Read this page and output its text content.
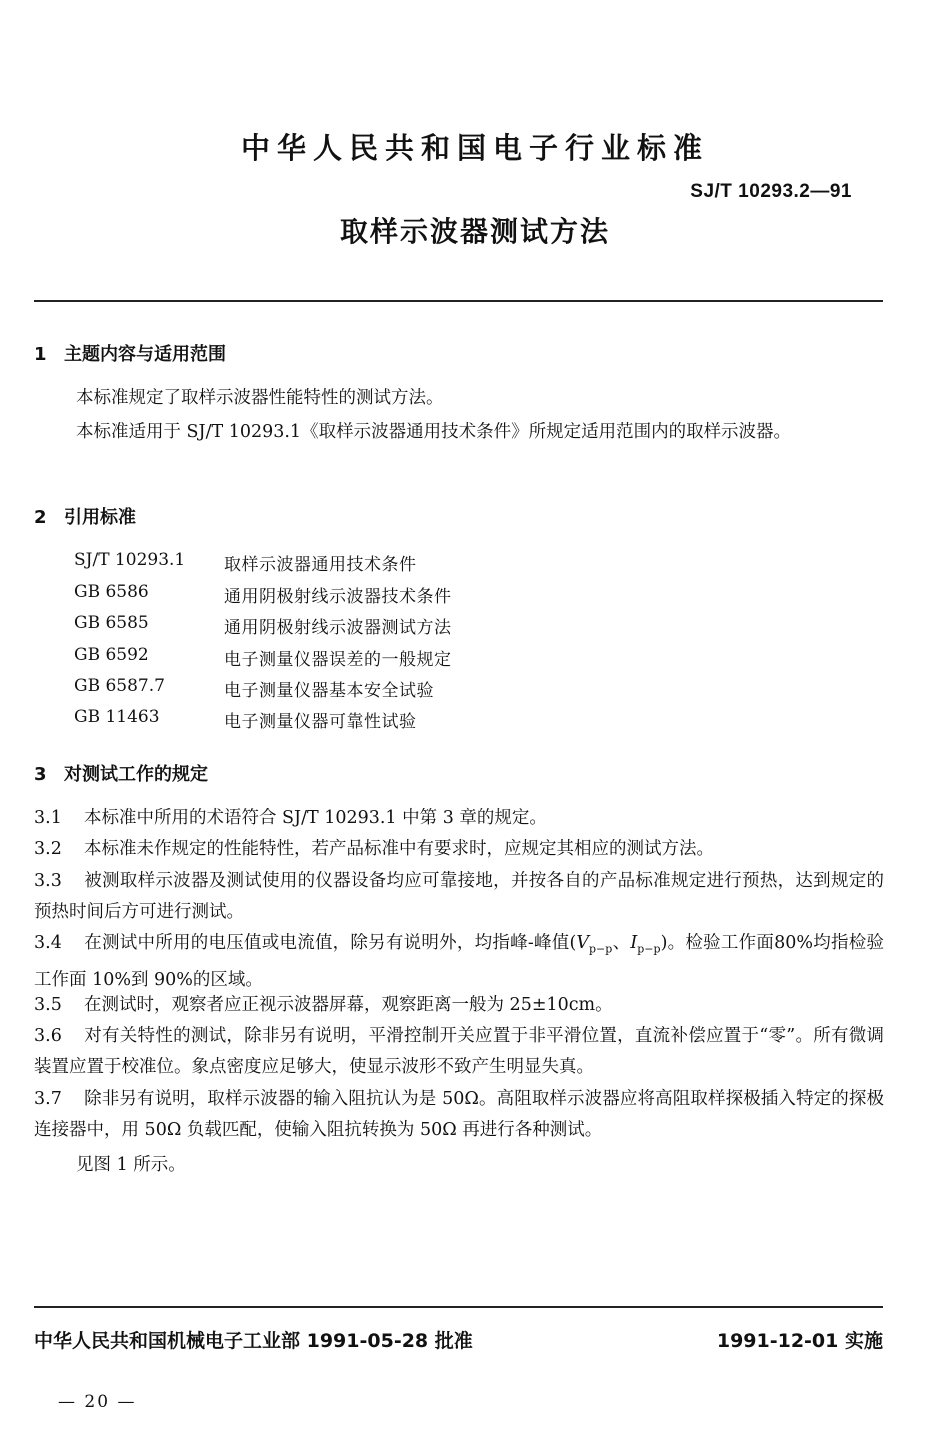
中华人民共和国电子行业标准
SJ/T 10293.2—91
取样示波器测试方法
1 主题内容与适用范围
本标准规定了取样示波器性能特性的测试方法。
本标准适用于 SJ/T 10293.1《取样示波器通用技术条件》所规定适用范围内的取样示波器。
2 引用标准
SJ/T 10293.1 取样示波器通用技术条件
GB 6586	通用阴极射线示波器技术条件
GB 6585	通用阴极射线示波器测试方法
GB 6592	电子测量仪器误差的一般规定
GB 6587.7	电子测量仪器基本安全试验
GB 11463	电子测量仪器可靠性试验
3 对测试工作的规定
3.1 本标准中所用的术语符合 SJ/T 10293.1 中第 3 章的规定。
3.2 本标准未作规定的性能特性，若产品标准中有要求时，应规定其相应的测试方法。
3.3 被测取样示波器及测试使用的仪器设备均应可靠接地，并按各自的产品标准规定进行预热，达到规定的预热时间后方可进行测试。
3.4 在测试中所用的电压值或电流值，除另有说明外，均指峰-峰值($V_{p-p}$、$I_{p-p}$)。检验工作面80%均指检验工作面 10%到 90%的区域。
3.5 在测试时，观察者应正视示波器屏幕，观察距离一般为 25±10cm。
3.6 对有关特性的测试，除非另有说明，平滑控制开关应置于非平滑位置，直流补偿应置于“零”。所有微调装置应置于校准位。象点密度应足够大，使显示波形不致产生明显失真。
3.7 除非另有说明，取样示波器的输入阻抗认为是 50Ω。高阻取样示波器应将高阻取样探极插入特定的探极连接器中，用 50Ω 负载匹配，使输入阻抗转换为 50Ω 再进行各种测试。
见图 1 所示。
中华人民共和国机械电子工业部 1991-05-28 批准	1991-12-01 实施
— 20 —
